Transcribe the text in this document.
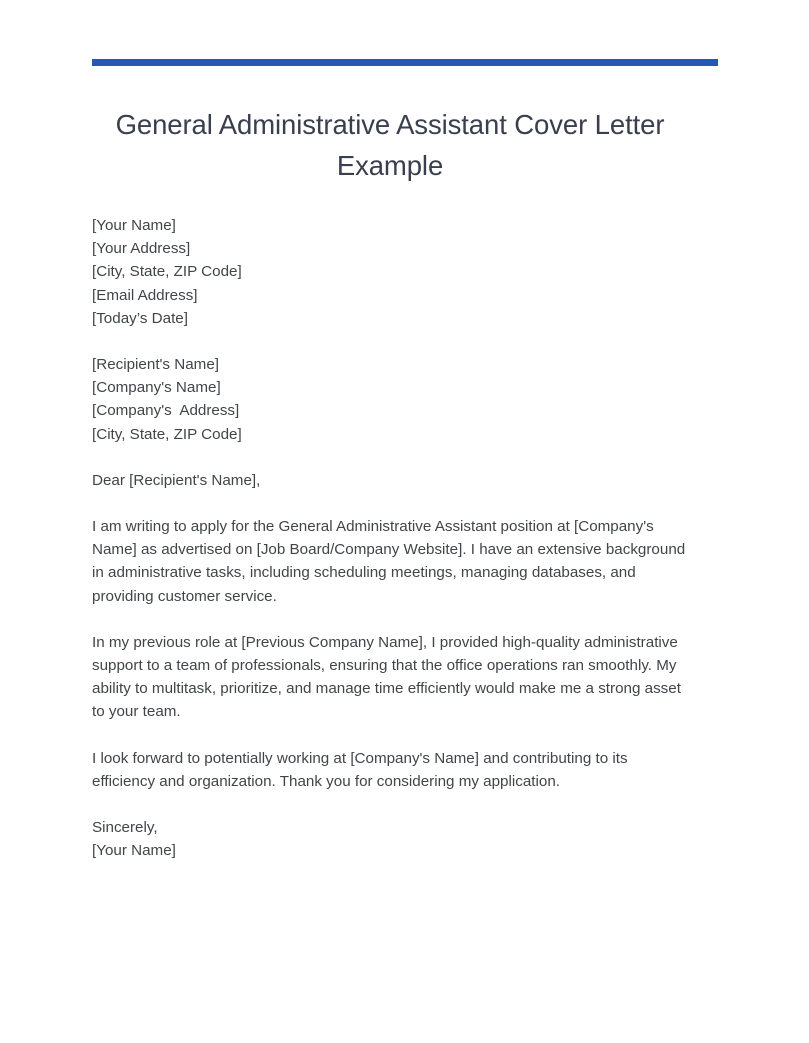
General Administrative Assistant Cover Letter Example
[Your Name]
[Your Address]
[City, State, ZIP Code]
[Email Address]
[Today’s Date]
[Recipient's Name]
[Company's Name]
[Company's  Address]
[City, State, ZIP Code]

Dear [Recipient's Name],

I am writing to apply for the General Administrative Assistant position at [Company's Name] as advertised on [Job Board/Company Website]. I have an extensive background in administrative tasks, including scheduling meetings, managing databases, and providing customer service.

In my previous role at [Previous Company Name], I provided high-quality administrative support to a team of professionals, ensuring that the office operations ran smoothly. My ability to multitask, prioritize, and manage time efficiently would make me a strong asset to your team.

I look forward to potentially working at [Company's Name] and contributing to its efficiency and organization. Thank you for considering my application.

Sincerely,
[Your Name]
